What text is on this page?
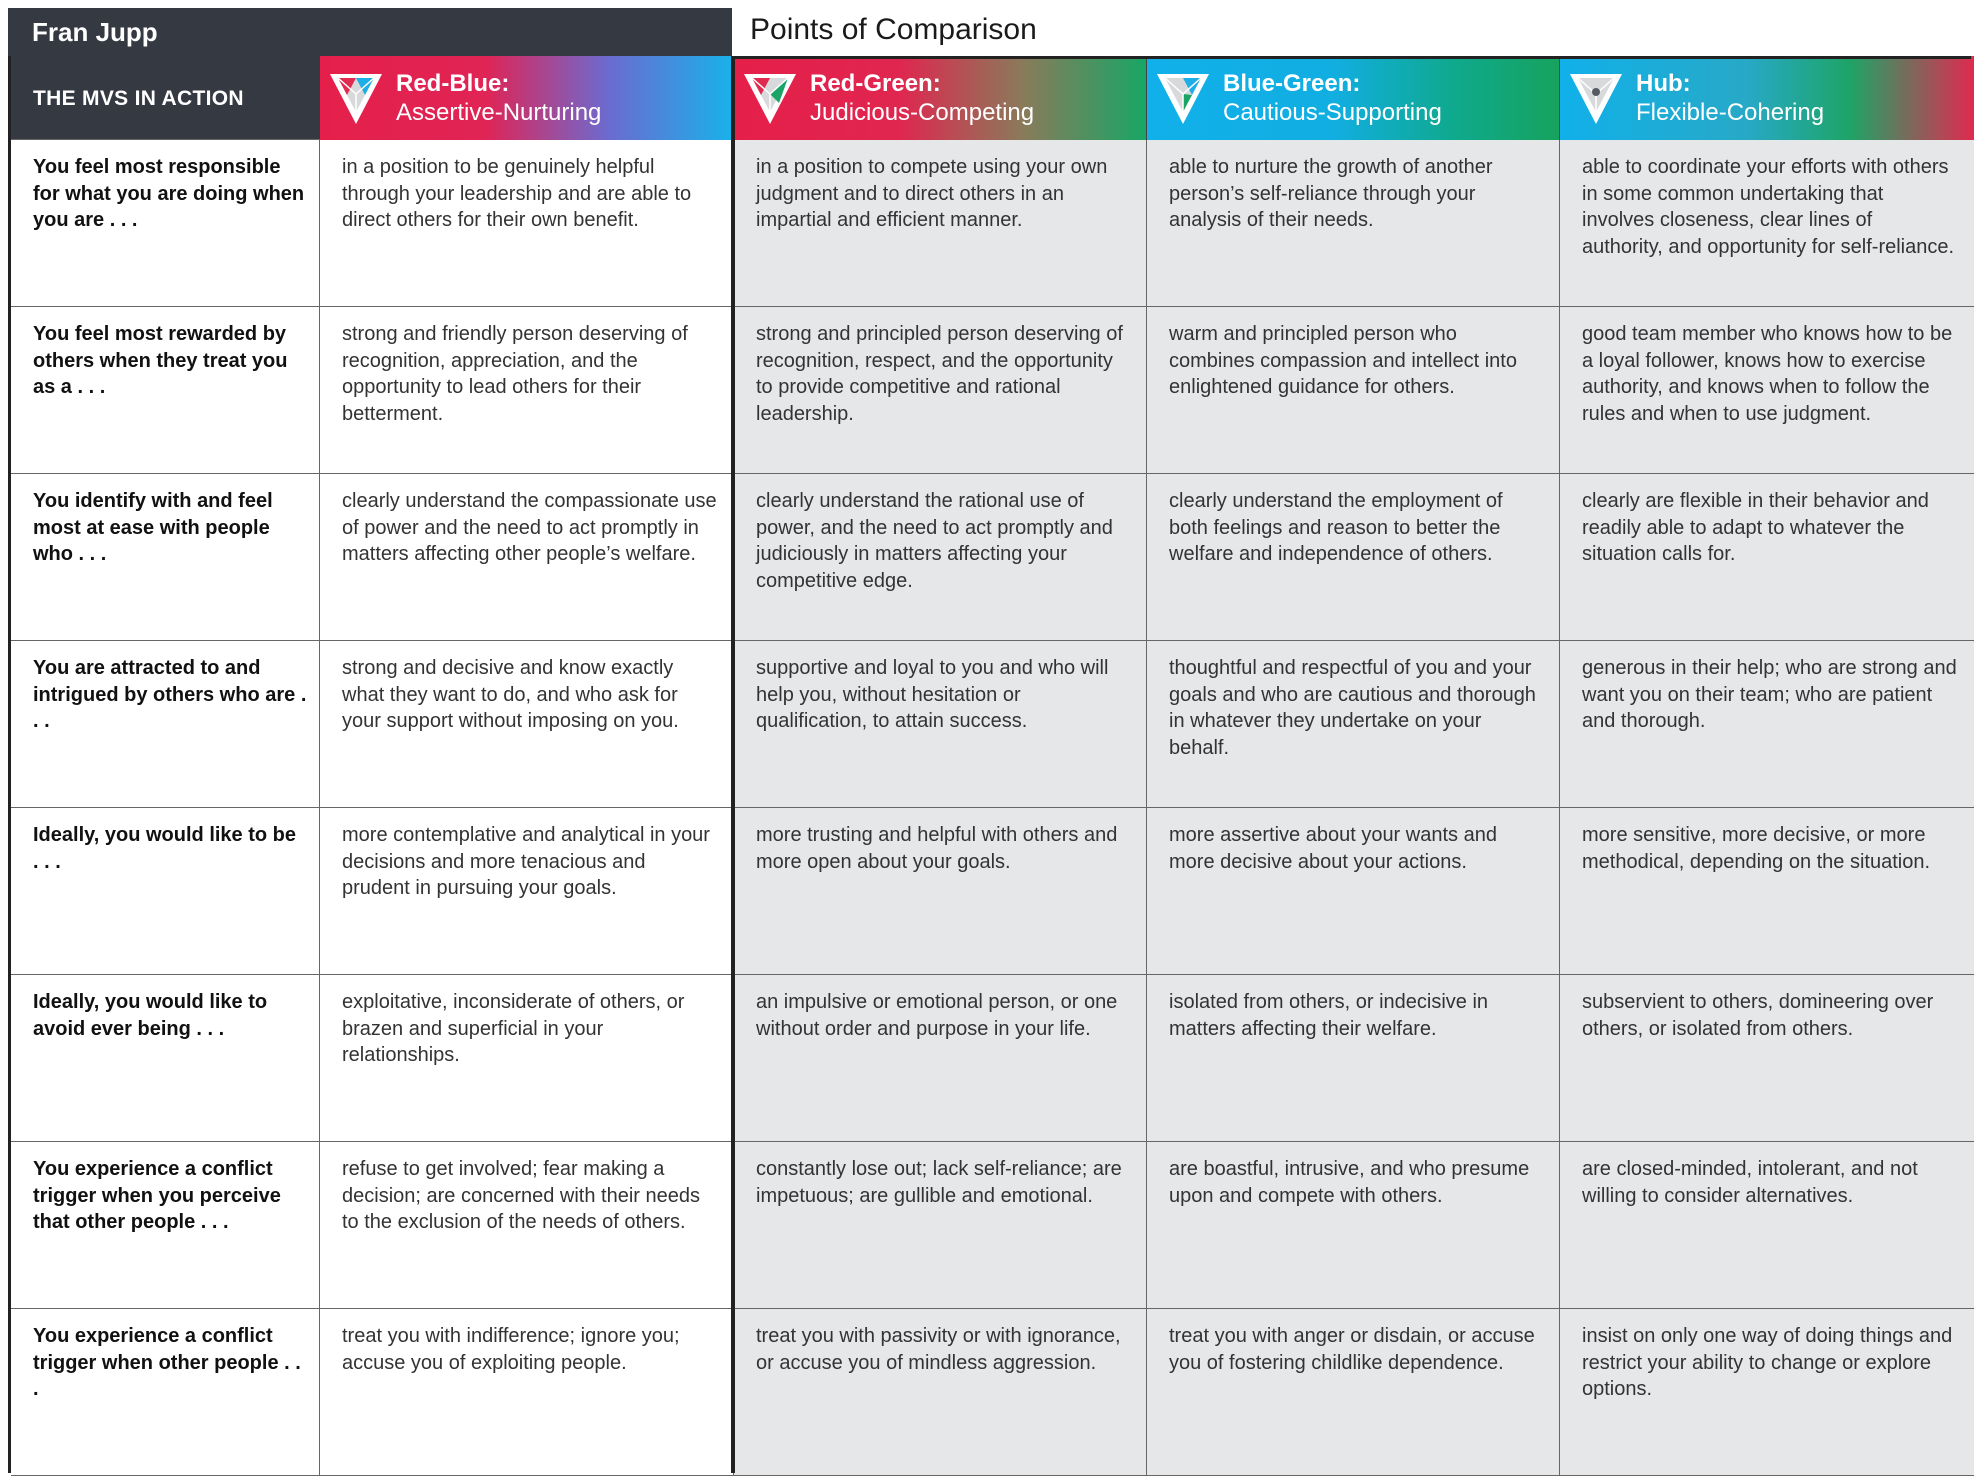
Fran Jupp	Points of Comparison
THE MVS IN ACTION
Red-Blue:
Assertive-Nurturing
Red-Green:
Judicious-Competing
Blue-Green:
Cautious-Supporting
Hub:
Flexible-Cohering
You feel most responsible for what you are doing when you are . . .
in a position to be genuinely helpful through your leadership and are able to direct others for their own benefit.
in a position to compete using your own judgment and to direct others in an impartial and efficient manner.
able to nurture the growth of another person’s self-reliance through your analysis of their needs.
able to coordinate your efforts with others in some common undertaking that involves closeness, clear lines of authority, and opportunity for self-reliance.
You feel most rewarded by others when they treat you as a . . .
strong and friendly person deserving of recognition, appreciation, and the opportunity to lead others for their betterment.
strong and principled person deserving of recognition, respect, and the opportunity to provide competitive and rational leadership.
warm and principled person who combines compassion and intellect into enlightened guidance for others.
good team member who knows how to be a loyal follower, knows how to exercise authority, and knows when to follow the rules and when to use judgment.
You identify with and feel most at ease with people who . . .
clearly understand the compassionate use of power and the need to act promptly in matters affecting other people’s welfare.
clearly understand the rational use of power, and the need to act promptly and judiciously in matters affecting your competitive edge.
clearly understand the employment of both feelings and reason to better the welfare and independence of others.
clearly are flexible in their behavior and readily able to adapt to whatever the situation calls for.
You are attracted to and intrigued by others who are . . .
strong and decisive and know exactly what they want to do, and who ask for your support without imposing on you.
supportive and loyal to you and who will help you, without hesitation or qualification, to attain success.
thoughtful and respectful of you and your goals and who are cautious and thorough in whatever they undertake on your behalf.
generous in their help; who are strong and want you on their team; who are patient and thorough.
Ideally, you would like to be . . .
more contemplative and analytical in your decisions and more tenacious and prudent in pursuing your goals.
more trusting and helpful with others and more open about your goals.
more assertive about your wants and more decisive about your actions.
more sensitive, more decisive, or more methodical, depending on the situation.
Ideally, you would like to avoid ever being . . .
exploitative, inconsiderate of others, or brazen and superficial in your relationships.
an impulsive or emotional person, or one without order and purpose in your life.
isolated from others, or indecisive in matters affecting their welfare.
subservient to others, domineering over others, or isolated from others.
You experience a conflict trigger when you perceive that other people . . .
refuse to get involved; fear making a decision; are concerned with their needs to the exclusion of the needs of others.
constantly lose out; lack self-reliance; are impetuous; are gullible and emotional.
are boastful, intrusive, and who presume upon and compete with others.
are closed-minded, intolerant, and not willing to consider alternatives.
You experience a conflict trigger when other people . . .
treat you with indifference; ignore you; accuse you of exploiting people.
treat you with passivity or with ignorance, or accuse you of mindless aggression.
treat you with anger or disdain, or accuse you of fostering childlike dependence.
insist on only one way of doing things and restrict your ability to change or explore options.
